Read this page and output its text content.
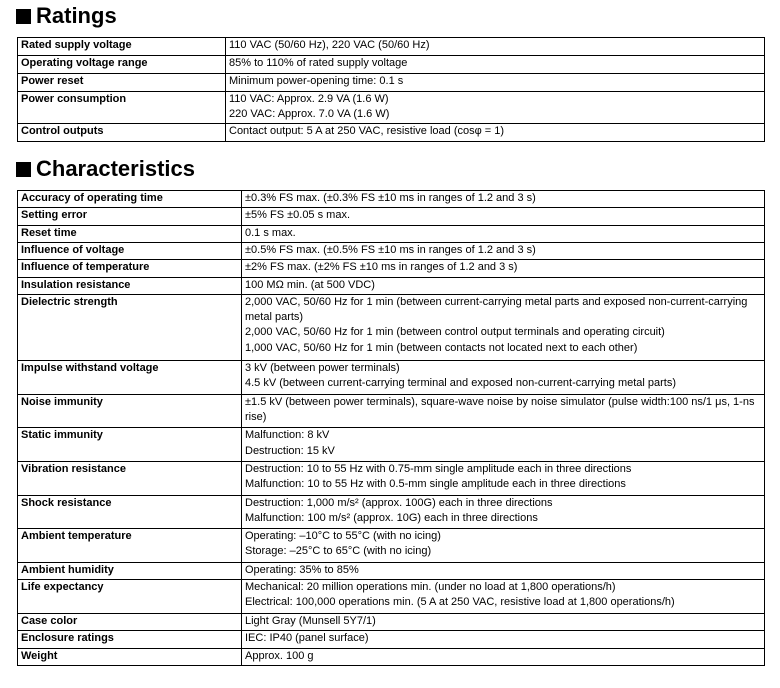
Ratings
Rated supply voltage	110 VAC (50/60 Hz), 220 VAC (50/60 Hz)

Operating voltage range	85% to 110% of rated supply voltage

Power reset	Minimum power-opening time: 0.1 s

Power consumption	110 VAC: Approx. 2.9 VA (1.6 W)
220 VAC: Approx. 7.0 VA (1.6 W)

Control outputs	Contact output: 5 A at 250 VAC, resistive load (cosφ = 1)
Characteristics
Accuracy of operating time	±0.3% FS max. (±0.3% FS ±10 ms in ranges of 1.2 and 3 s)

Setting error	±5% FS ±0.05 s max.

Reset time	0.1 s max.

Influence of voltage	±0.5% FS max. (±0.5% FS ±10 ms in ranges of 1.2 and 3 s)

Influence of temperature	±2% FS max. (±2% FS ±10 ms in ranges of 1.2 and 3 s)

Insulation resistance	100 MΩ min. (at 500 VDC)

Dielectric strength	2,000 VAC, 50/60 Hz for 1 min (between current-carrying metal parts and exposed non-current-carrying metal parts)
2,000 VAC, 50/60 Hz for 1 min (between control output terminals and operating circuit)
1,000 VAC, 50/60 Hz for 1 min (between contacts not located next to each other)

Impulse withstand voltage	3 kV (between power terminals)
4.5 kV (between current-carrying terminal and exposed non-current-carrying metal parts)

Noise immunity	±1.5 kV (between power terminals), square-wave noise by noise simulator (pulse width:100 ns/1 μs, 1-ns rise)

Static immunity	Malfunction: 8 kV
Destruction: 15 kV

Vibration resistance	Destruction: 10 to 55 Hz with 0.75-mm single amplitude each in three directions
Malfunction: 10 to 55 Hz with 0.5-mm single amplitude each in three directions

Shock resistance	Destruction: 1,000 m/s² (approx. 100G) each in three directions
Malfunction: 100 m/s² (approx. 10G) each in three directions

Ambient temperature	Operating: –10°C to 55°C (with no icing)
Storage: –25°C to 65°C (with no icing)

Ambient humidity	Operating: 35% to 85%

Life expectancy	Mechanical: 20 million operations min. (under no load at 1,800 operations/h)
Electrical: 100,000 operations min. (5 A at 250 VAC, resistive load at 1,800 operations/h)

Case color	Light Gray (Munsell 5Y7/1)

Enclosure ratings	IEC: IP40 (panel surface)

Weight	Approx. 100 g
